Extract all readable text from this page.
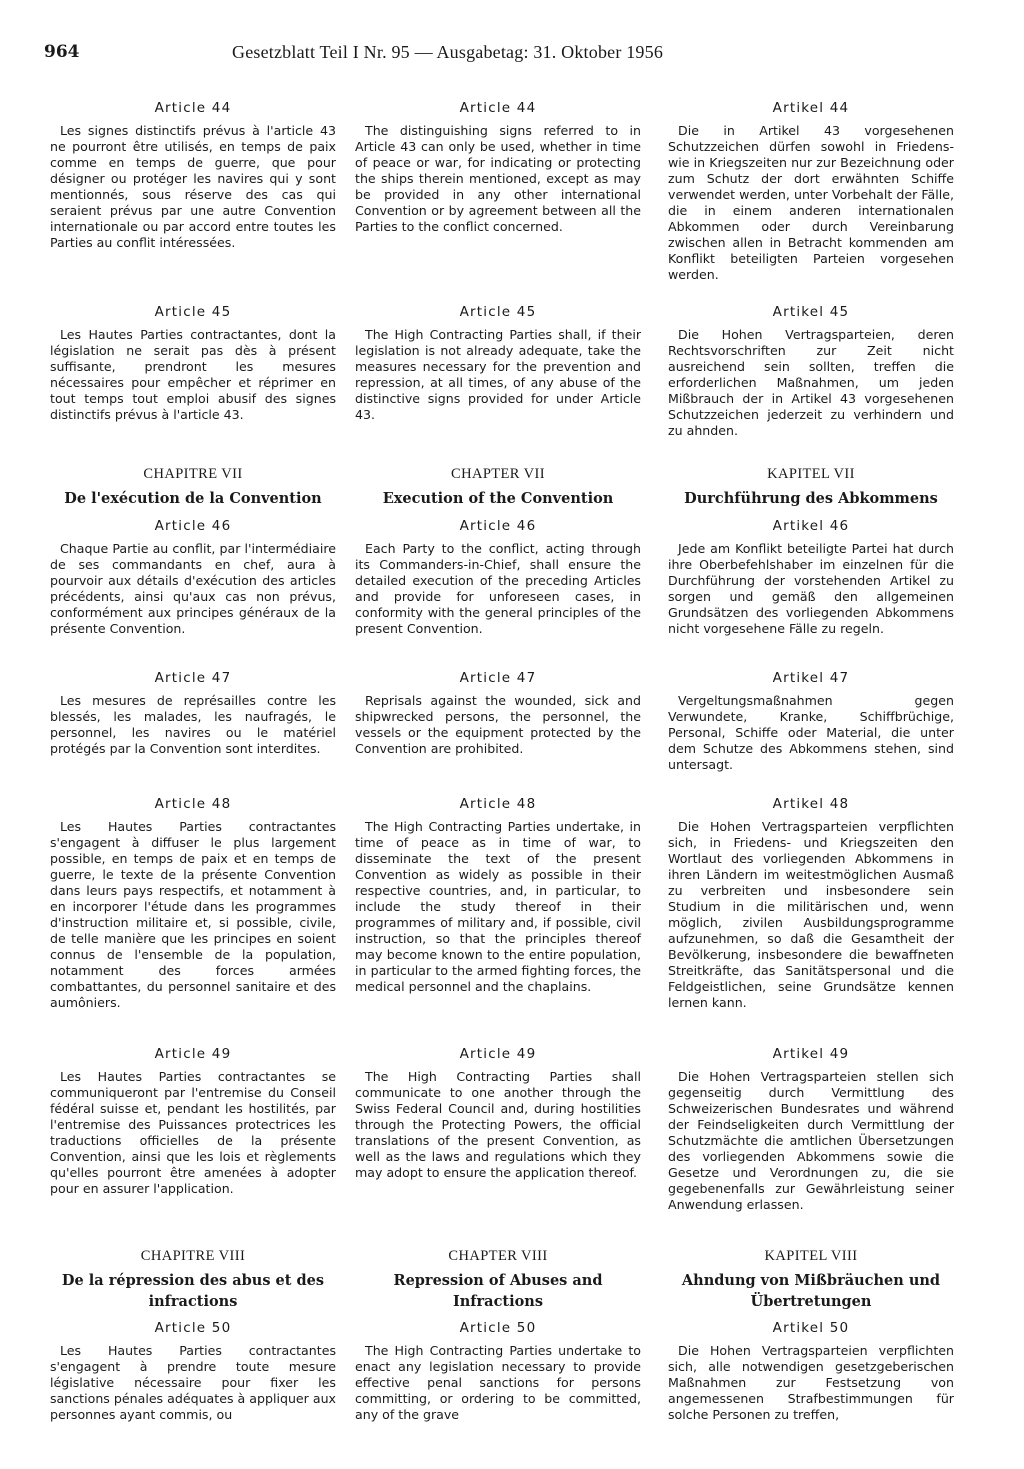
964	Gesetzblatt Teil I Nr. 95 — Ausgabetag: 31. Oktober 1956
Article 44

Les signes distinctifs prévus à l'article 43 ne pourront être utilisés, en temps de paix comme en temps de guerre, que pour désigner ou protéger les navires qui y sont mentionnés, sous réserve des cas qui seraient prévus par une autre Convention internationale ou par accord entre toutes les Parties au conflit intéressées.

Article 45

Les Hautes Parties contractantes, dont la législation ne serait pas dès à présent suffisante, prendront les mesures nécessaires pour empêcher et réprimer en tout temps tout emploi abusif des signes distinctifs prévus à l'article 43.

CHAPITRE VII
De l'exécution de la Convention
Article 46

Chaque Partie au conflit, par l'intermédiaire de ses commandants en chef, aura à pourvoir aux détails d'exécution des articles précédents, ainsi qu'aux cas non prévus, conformément aux principes généraux de la présente Convention.

Article 47

Les mesures de représailles contre les blessés, les malades, les naufragés, le personnel, les navires ou le matériel protégés par la Convention sont interdites.

Article 48

Les Hautes Parties contractantes s'engagent à diffuser le plus largement possible, en temps de paix et en temps de guerre, le texte de la présente Convention dans leurs pays respectifs, et notamment à en incorporer l'étude dans les programmes d'instruction militaire et, si possible, civile, de telle manière que les principes en soient connus de l'ensemble de la population, notamment des forces armées combattantes, du personnel sanitaire et des aumôniers.

Article 49

Les Hautes Parties contractantes se communiqueront par l'entremise du Conseil fédéral suisse et, pendant les hostilités, par l'entremise des Puissances protectrices les traductions officielles de la présente Convention, ainsi que les lois et règlements qu'elles pourront être amenées à adopter pour en assurer l'application.

CHAPITRE VIII
De la répression des abus et des infractions
Article 50

Les Hautes Parties contractantes s'engagent à prendre toute mesure législative nécessaire pour fixer les sanctions pénales adéquates à appliquer aux personnes ayant commis, ou

Article 44

The distinguishing signs referred to in Article 43 can only be used, whether in time of peace or war, for indicating or protecting the ships therein mentioned, except as may be provided in any other international Convention or by agreement between all the Parties to the conflict concerned.

Article 45

The High Contracting Parties shall, if their legislation is not already adequate, take the measures necessary for the prevention and repression, at all times, of any abuse of the distinctive signs provided for under Article 43.

CHAPTER VII
Execution of the Convention
Article 46

Each Party to the conflict, acting through its Commanders-in-Chief, shall ensure the detailed execution of the preceding Articles and provide for unforeseen cases, in conformity with the general principles of the present Convention.

Article 47

Reprisals against the wounded, sick and shipwrecked persons, the personnel, the vessels or the equipment protected by the Convention are prohibited.

Article 48

The High Contracting Parties undertake, in time of peace as in time of war, to disseminate the text of the present Convention as widely as possible in their respective countries, and, in particular, to include the study thereof in their programmes of military and, if possible, civil instruction, so that the principles thereof may become known to the entire population, in particular to the armed fighting forces, the medical personnel and the chaplains.

Article 49

The High Contracting Parties shall communicate to one another through the Swiss Federal Council and, during hostilities through the Protecting Powers, the official translations of the present Convention, as well as the laws and regulations which they may adopt to ensure the application thereof.

CHAPTER VIII
Repression of Abuses and Infractions
Article 50

The High Contracting Parties undertake to enact any legislation necessary to provide effective penal sanctions for persons committing, or ordering to be committed, any of the grave

Artikel 44

Die in Artikel 43 vorgesehenen Schutzzeichen dürfen sowohl in Friedens- wie in Kriegszeiten nur zur Bezeichnung oder zum Schutz der dort erwähnten Schiffe verwendet werden, unter Vorbehalt der Fälle, die in einem anderen internationalen Abkommen oder durch Vereinbarung zwischen allen in Betracht kommenden am Konflikt beteiligten Parteien vorgesehen werden.

Artikel 45

Die Hohen Vertragsparteien, deren Rechtsvorschriften zur Zeit nicht ausreichend sein sollten, treffen die erforderlichen Maßnahmen, um jeden Mißbrauch der in Artikel 43 vorgesehenen Schutzzeichen jederzeit zu verhindern und zu ahnden.

KAPITEL VII
Durchführung des Abkommens
Artikel 46

Jede am Konflikt beteiligte Partei hat durch ihre Oberbefehlshaber im einzelnen für die Durchführung der vorstehenden Artikel zu sorgen und gemäß den allgemeinen Grundsätzen des vorliegenden Abkommens nicht vorgesehene Fälle zu regeln.

Artikel 47

Vergeltungsmaßnahmen gegen Verwundete, Kranke, Schiffbrüchige, Personal, Schiffe oder Material, die unter dem Schutze des Abkommens stehen, sind untersagt.

Artikel 48

Die Hohen Vertragsparteien verpflichten sich, in Friedens- und Kriegszeiten den Wortlaut des vorliegenden Abkommens in ihren Ländern im weitestmöglichen Ausmaß zu verbreiten und insbesondere sein Studium in die militärischen und, wenn möglich, zivilen Ausbildungsprogramme aufzunehmen, so daß die Gesamtheit der Bevölkerung, insbesondere die bewaffneten Streitkräfte, das Sanitätspersonal und die Feldgeistlichen, seine Grundsätze kennen lernen kann.

Artikel 49

Die Hohen Vertragsparteien stellen sich gegenseitig durch Vermittlung des Schweizerischen Bundesrates und während der Feindseligkeiten durch Vermittlung der Schutzmächte die amtlichen Übersetzungen des vorliegenden Abkommens sowie die Gesetze und Verordnungen zu, die sie gegebenenfalls zur Gewährleistung seiner Anwendung erlassen.

KAPITEL VIII
Ahndung von Mißbräuchen und Übertretungen
Artikel 50

Die Hohen Vertragsparteien verpflichten sich, alle notwendigen gesetzgeberischen Maßnahmen zur Festsetzung von angemessenen Strafbestimmungen für solche Personen zu treffen,
